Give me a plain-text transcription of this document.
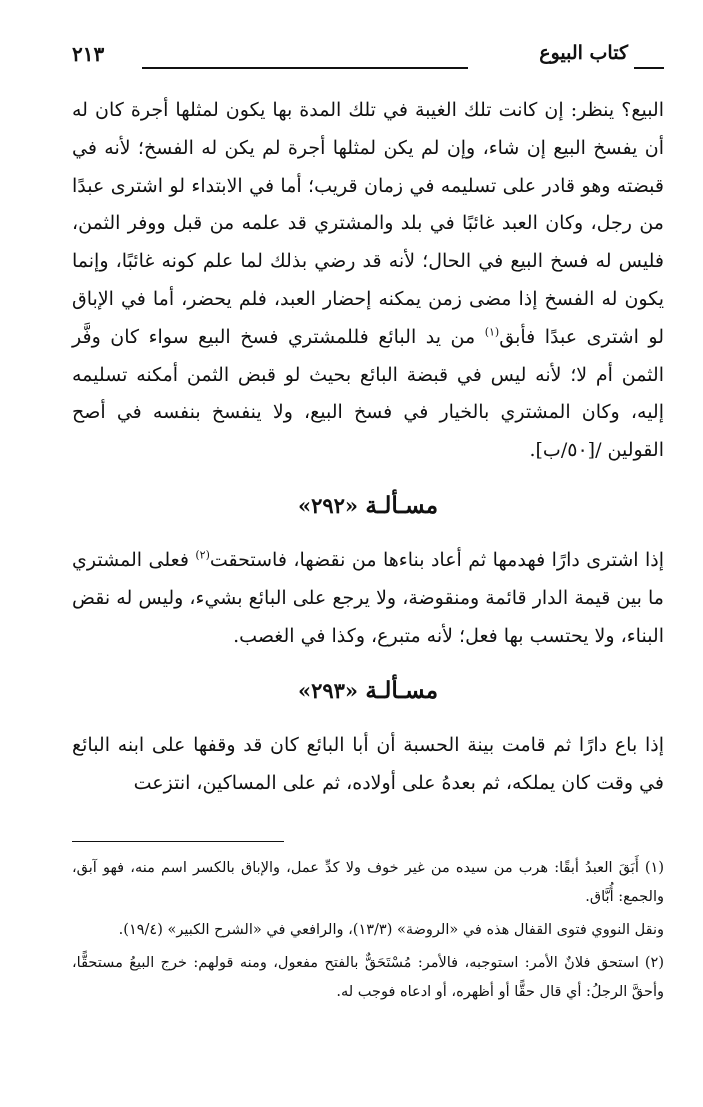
كتاب البيوع
٢١٣

البيع؟ ينظر: إن كانت تلك الغيبة في تلك المدة بها يكون لمثلها أجرة كان له أن يفسخ البيع إن شاء، وإن لم يكن لمثلها أجرة لم يكن له الفسخ؛ لأنه في قبضته وهو قادر على تسليمه في زمان قريب؛ أما في الابتداء لو اشترى عبدًا من رجل، وكان العبد غائبًا في بلد والمشتري قد علمه من قبل ووفر الثمن، فليس له فسخ البيع في الحال؛ لأنه قد رضي بذلك لما علم كونه غائبًا، وإنما يكون له الفسخ إذا مضى زمن يمكنه إحضار العبد، فلم يحضر، أما في الإباق لو اشترى عبدًا فأبق$^{(١)}$ من يد البائع فللمشتري فسخ البيع سواء كان وفَّر الثمن أم لا؛ لأنه ليس في قبضة البائع بحيث لو قبض الثمن أمكنه تسليمه إليه، وكان المشتري بالخيار في فسخ البيع، ولا ينفسخ بنفسه في أصح القولين /[٥٠/ب].

مسـألـة «٢٩٢»

إذا اشترى دارًا فهدمها ثم أعاد بناءها من نقضها، فاستحقت$^{(٢)}$ فعلى المشتري ما بين قيمة الدار قائمة ومنقوضة، ولا يرجع على البائع بشيء، وليس له نقض البناء، ولا يحتسب بها فعل؛ لأنه متبرع، وكذا في الغصب.

مسـألـة «٢٩٣»

إذا باع دارًا ثم قامت بينة الحسبة أن أبا البائع كان قد وقفها على ابنه البائع في وقت كان يملكه، ثم بعدهُ على أولاده، ثم على المساكين، انتزعت

(١)أَبَقَ العبدُ أبقًا: هرب من سيده من غير خوف ولا كدِّ عمل، والإباق بالكسر اسم منه، فهو آبق، والجمع: أُبَّاق.

ونقل النووي فتوى القفال هذه في «الروضة» (١٣/٣)، والرافعي في «الشرح الكبير» (١٩/٤).

(٢)استحق فلانٌ الأمر: استوجبه، فالأمر: مُسْتَحَقٌّ بالفتح مفعول، ومنه قولهم: خرج البيعُ مستحقًّا، وأحقَّ الرجلُ: أي قال حقًّا أو أظهره، أو ادعاه فوجب له.
